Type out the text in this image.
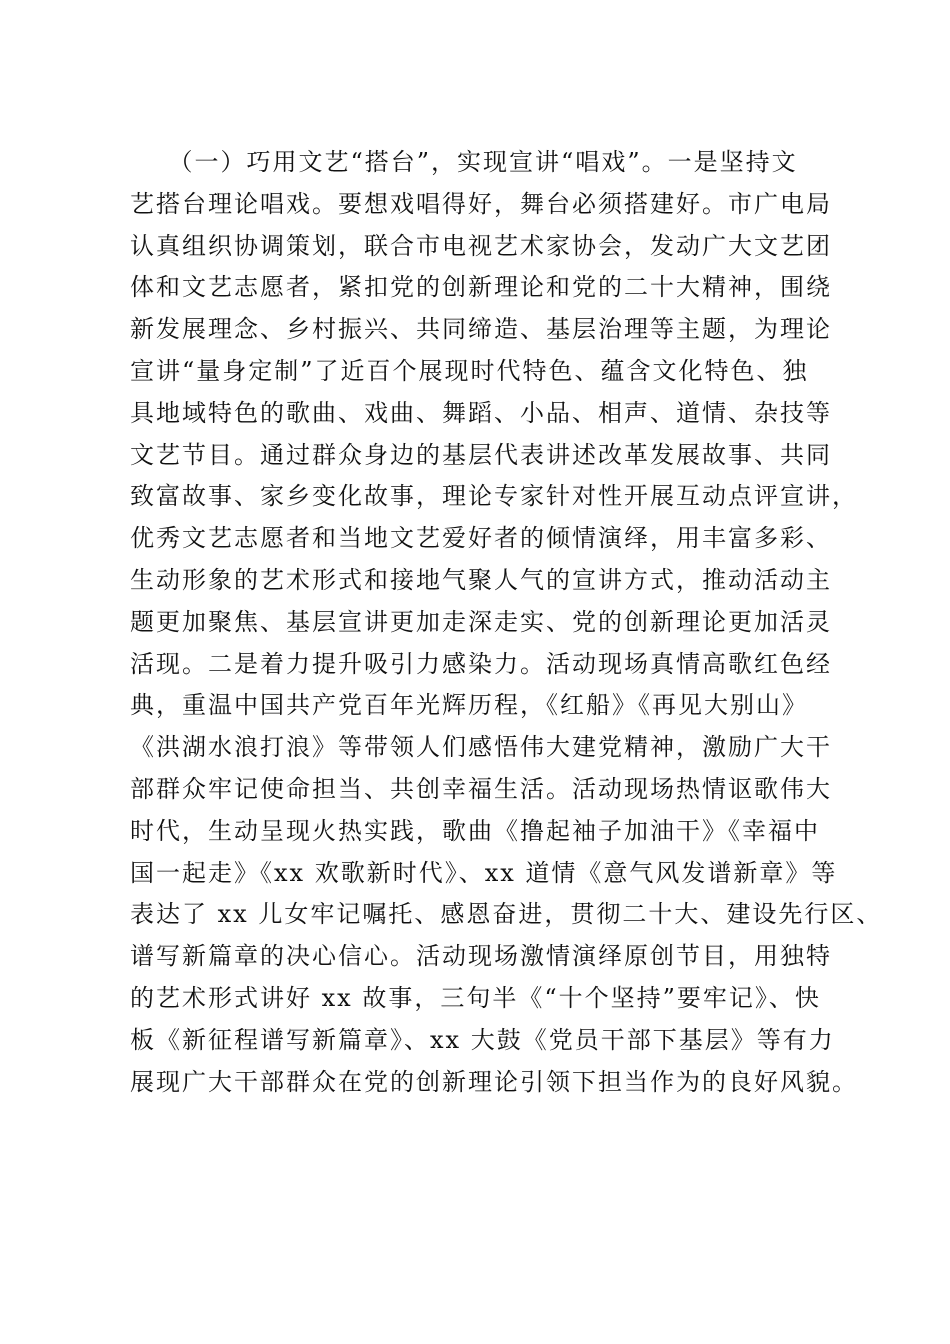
（一）巧用文艺“搭台”，实现宣讲“唱戏”。一是坚持文
艺搭台理论唱戏。要想戏唱得好，舞台必须搭建好。市广电局
认真组织协调策划，联合市电视艺术家协会，发动广大文艺团
体和文艺志愿者，紧扣党的创新理论和党的二十大精神，围绕
新发展理念、乡村振兴、共同缔造、基层治理等主题，为理论
宣讲“量身定制”了近百个展现时代特色、蕴含文化特色、独
具地域特色的歌曲、戏曲、舞蹈、小品、相声、道情、杂技等
文艺节目。通过群众身边的基层代表讲述改革发展故事、共同
致富故事、家乡变化故事，理论专家针对性开展互动点评宣讲，
优秀文艺志愿者和当地文艺爱好者的倾情演绎，用丰富多彩、
生动形象的艺术形式和接地气聚人气的宣讲方式，推动活动主
题更加聚焦、基层宣讲更加走深走实、党的创新理论更加活灵
活现。二是着力提升吸引力感染力。活动现场真情高歌红色经
典，重温中国共产党百年光辉历程，《红船》《再见大别山》
《洪湖水浪打浪》等带领人们感悟伟大建党精神，激励广大干
部群众牢记使命担当、共创幸福生活。活动现场热情讴歌伟大
时代，生动呈现火热实践，歌曲《撸起袖子加油干》《幸福中
国一起走》《xx 欢歌新时代》、xx 道情《意气风发谱新章》等
表达了 xx 儿女牢记嘱托、感恩奋进，贯彻二十大、建设先行区、
谱写新篇章的决心信心。活动现场激情演绎原创节目，用独特
的艺术形式讲好 xx 故事，三句半《“十个坚持”要牢记》、快
板《新征程谱写新篇章》、xx 大鼓《党员干部下基层》等有力
展现广大干部群众在党的创新理论引领下担当作为的良好风貌。
